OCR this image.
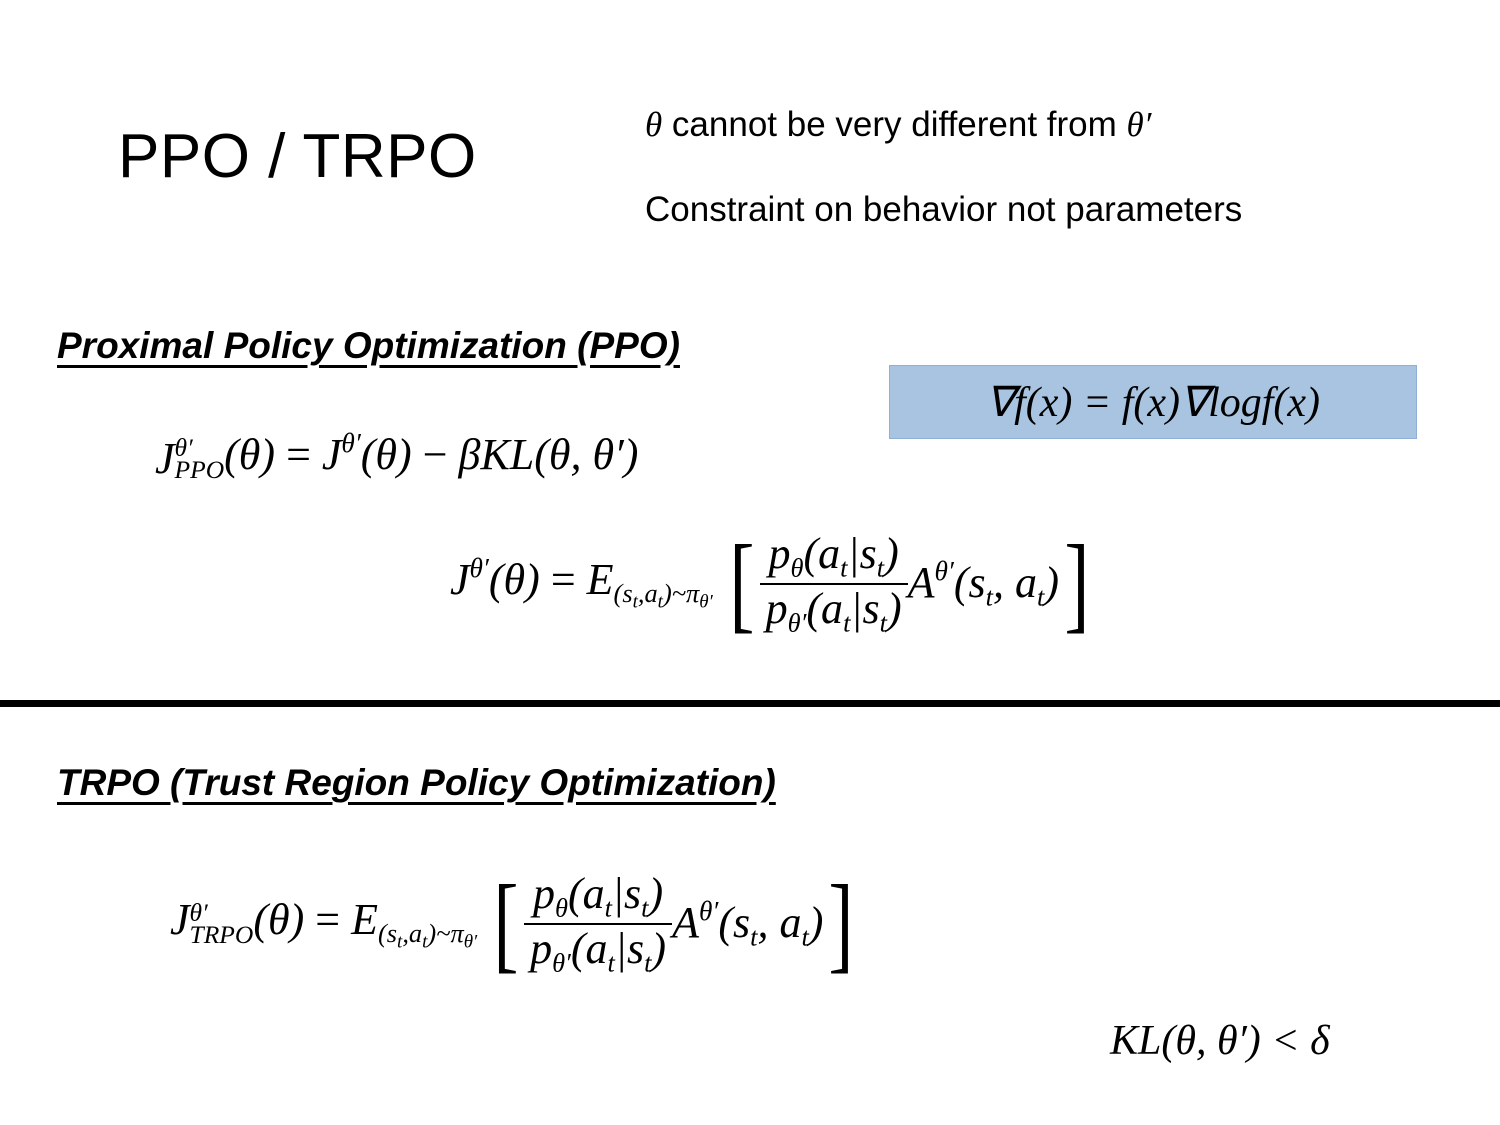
PPO / TRPO	θ cannot be very different from θ′
Constraint on behavior not parameters
Proximal Policy Optimization (PPO)
∇f(x) = f(x)∇logf(x)
J θ′
PPO $(\theta) = J^{\theta'}(\theta) - \beta KL(\theta$, θ′)
$J^{\theta'}(\theta) = E_{(s_t,a_t)\sim\pi_{\theta'}}$ [ $\frac{p_\theta(a_t|s_t)}{p_{\theta'}(a_t|s_t)} A^{\theta'}(s_t$, $a_t$)]
TRPO (Trust Region Policy Optimization)
J θ′
TRPO $(\theta) = E_{(s_t,a_t)\sim\pi_{\theta'}}$ [ $\frac{p_\theta(a_t|s_t)}{p_{\theta'}(a_t|s_t)} A^{\theta'}(s_t$, $a_t$)]
KL(θ, θ′) < δ
